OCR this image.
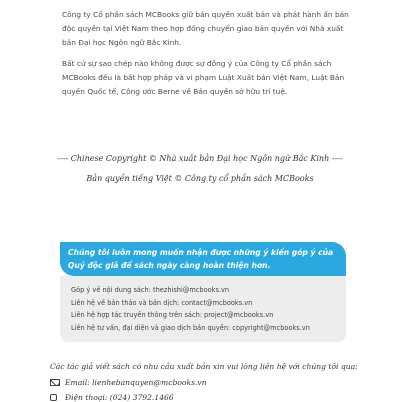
Công ty Cổ phần sách MCBooks giữ bản quyền xuất bản và phát hành ấn bản độc quyền tại Việt Nam theo hợp đồng chuyển giao bản quyền với Nhà xuất bản Đại học Ngôn ngữ Bắc Kinh.

Bất cứ sự sao chép nào không được sự đồng ý của Công ty Cổ phần sách MCBooks đều là bất hợp pháp và vi phạm Luật Xuất bản Việt Nam, Luật Bản quyền Quốc tế, Công ước Berne về Bản quyền sở hữu trí tuệ.

---- Chinese Copyright © Nhà xuất bản Đại học Ngôn ngữ Bắc Kinh ----

Bản quyền tiếng Việt © Công ty cổ phần sách MCBooks

Chúng tôi luôn mong muốn nhận được những ý kiến góp ý của Quý độc giả để sách ngày càng hoàn thiện hơn.
Góp ý về nội dung sách: thezhishi@mcbooks.vn
Liên hệ về bản thảo và bản dịch: contact@mcbooks.vn
Liên hệ hợp tác truyền thông trên sách: project@mcbooks.vn
Liên hệ tư vấn, đại diện và giao dịch bản quyền: copyright@mcbooks.vn

Các tác giả viết sách có nhu cầu xuất bản xin vui lòng liên hệ với chúng tôi qua:

Email: lienhebanquyen@mcbooks.vn
Điện thoại: (024) 3792.1466
